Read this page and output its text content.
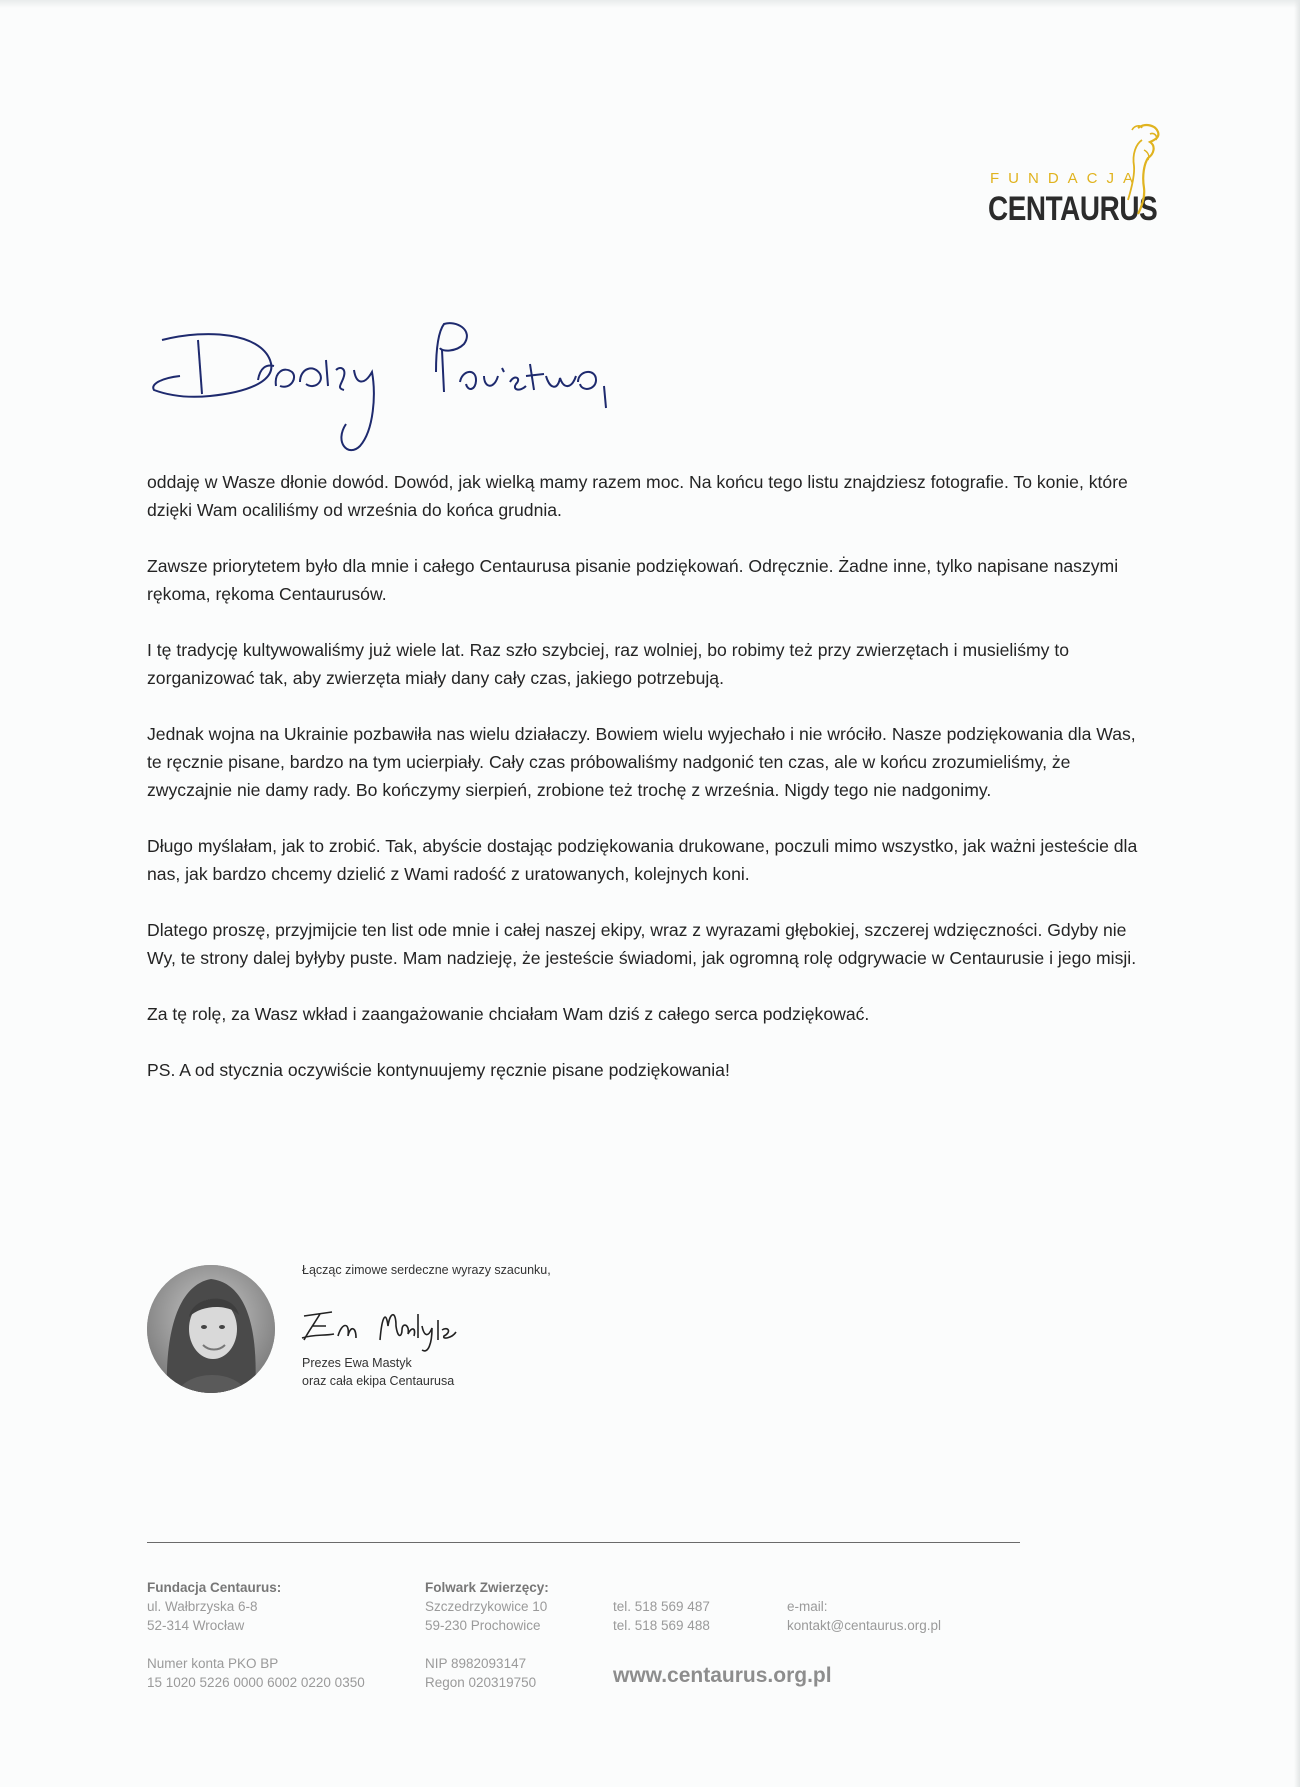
FUNDACJA
CENTAURUS

oddaję w Wasze dłonie dowód. Dowód, jak wielką mamy razem moc. Na końcu tego listu znajdziesz fotografie. To konie, które dzięki Wam ocaliliśmy od września do końca grudnia.

Zawsze priorytetem było dla mnie i całego Centaurusa pisanie podziękowań. Odręcznie. Żadne inne, tylko napisane naszymi rękoma, rękoma Centaurusów.

I tę tradycję kultywowaliśmy już wiele lat. Raz szło szybciej, raz wolniej, bo robimy też przy zwierzętach i musieliśmy to zorganizować tak, aby zwierzęta miały dany cały czas, jakiego potrzebują.

Jednak wojna na Ukrainie pozbawiła nas wielu działaczy. Bowiem wielu wyjechało i nie wróciło. Nasze podziękowania dla Was, te ręcznie pisane, bardzo na tym ucierpiały. Cały czas próbowaliśmy nadgonić ten czas, ale w końcu zrozumieliśmy, że zwyczajnie nie damy rady. Bo kończymy sierpień, zrobione też trochę z września. Nigdy tego nie nadgonimy.

Długo myślałam, jak to zrobić. Tak, abyście dostając podziękowania drukowane, poczuli mimo wszystko, jak ważni jesteście dla nas, jak bardzo chcemy dzielić z Wami radość z uratowanych, kolejnych koni.

Dlatego proszę, przyjmijcie ten list ode mnie i całej naszej ekipy, wraz z wyrazami głębokiej, szczerej wdzięczności. Gdyby nie Wy, te strony dalej byłyby puste. Mam nadzieję, że jesteście świadomi, jak ogromną rolę odgrywacie w Centaurusie i jego misji.

Za tę rolę, za Wasz wkład i zaangażowanie chciałam Wam dziś z całego serca podziękować.

PS. A od stycznia oczywiście kontynuujemy ręcznie pisane podziękowania!

Łącząc zimowe serdeczne wyrazy szacunku,
Prezes Ewa Mastyk
oraz cała ekipa Centaurusa
Fundacja Centaurus:
ul. Wałbrzyska 6-8
52-314 Wrocław
Numer konta PKO BP
15 1020 5226 0000 6002 0220 0350
Folwark Zwierzęcy:
Szczedrzykowice 10
59-230 Prochowice
NIP 8982093147
Regon 020319750
tel. 518 569 487
tel. 518 569 488
e-mail:
kontakt@centaurus.org.pl
www.centaurus.org.pl
